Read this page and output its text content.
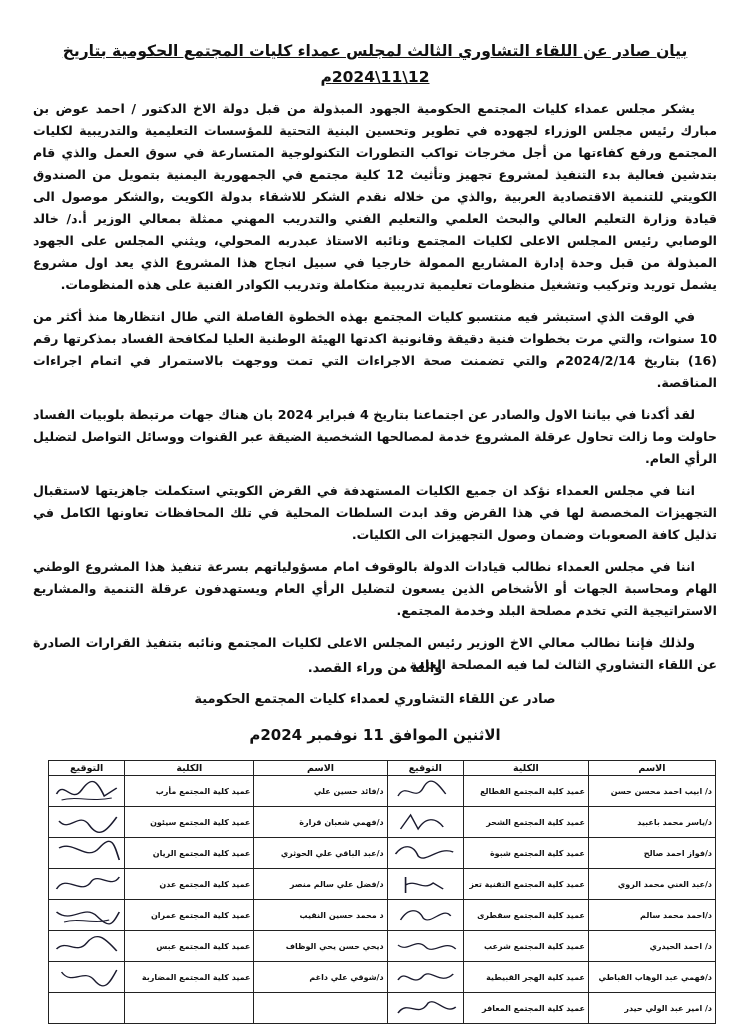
بيان صادر عن اللقاء التشاوري الثالث لمجلس عمداء كليات المجتمع الحكومية بتاريخ 12\11\2024م

يشكر مجلس عمداء كليات المجتمع الحكومية الجهود المبذولة من قبل دولة الاخ الدكتور / احمد عوض بن مبارك رئيس مجلس الوزراء لجهوده في تطوير وتحسين البنية التحتية للمؤسسات التعليمية والتدريبية لكليات المجتمع ورفع كفاءتها من أجل مخرجات تواكب التطورات التكنولوجية المتسارعة في سوق العمل والذي قام بتدشين فعالية بدء التنفيذ لمشروع تجهيز وتأثيث 12 كلية مجتمع في الجمهورية اليمنية بتمويل من الصندوق الكويتي للتنمية الاقتصادية العربية ,والذي من خلاله نقدم الشكر للاشقاء بدولة الكويت ,والشكر موصول الى قيادة وزارة التعليم العالي والبحث العلمي والتعليم الفني والتدريب المهني ممثلة بمعالي الوزير أ.د/ خالد الوصابي رئيس المجلس الاعلى لكليات المجتمع ونائبه الاستاذ عبدربه المحولي، ويثني المجلس على الجهود المبذولة من قبل وحدة إدارة المشاريع الممولة خارجيا في سبيل انجاح هذا المشروع الذي يعد اول مشروع يشمل توريد وتركيب وتشغيل منظومات تعليمية تدريبية متكاملة وتدريب الكوادر الفنية على هذه المنظومات.

في الوقت الذي استبشر فيه منتسبو كليات المجتمع بهذه الخطوة الفاصلة التي طال انتظارها منذ أكثر من 10 سنوات، والتي مرت بخطوات فنية دقيقة وقانونية اكدتها الهيئة الوطنية العليا لمكافحة الفساد بمذكرتها رقم (16) بتاريخ 2024/2/14م والتي تضمنت صحة الاجراءات التي تمت ووجهت بالاستمرار في اتمام اجراءات المناقصة.

لقد أكدنا في بياننا الاول والصادر عن اجتماعنا بتاريخ 4 فبراير 2024 بان هناك جهات مرتبطة بلوبيات الفساد حاولت وما زالت تحاول عرقلة المشروع خدمة لمصالحها الشخصية الضيقة عبر القنوات ووسائل التواصل لتضليل الرأي العام.

اننا في مجلس العمداء نؤكد ان جميع الكليات المستهدفة في القرض الكويتي استكملت جاهزيتها لاستقبال التجهيزات المخصصة لها في هذا القرض وقد ابدت السلطات المحلية في تلك المحافظات تعاونها الكامل في تذليل كافة الصعوبات وضمان وصول التجهيزات الى الكليات.

اننا في مجلس العمداء نطالب قيادات الدولة بالوقوف امام مسؤولياتهم بسرعة تنفيذ هذا المشروع الوطني الهام ومحاسبة الجهات أو الأشخاص الذين يسعون لتضليل الرأي العام ويستهدفون عرقلة التنمية والمشاريع الاستراتيجية التي تخدم مصلحة البلد وخدمة المجتمع.

ولذلك فإننا نطالب معالي الاخ الوزير رئيس المجلس الاعلى لكليات المجتمع ونائبه بتنفيذ القرارات الصادرة عن اللقاء التشاوري الثالث لما فيه المصلحة العامة .

والله من وراء القصد.
صادر عن اللقاء التشاوري لعمداء كليات المجتمع الحكومية
الاثنين الموافق 11 نوفمبر 2024م
الاسم	الكلية	التوقيع	الاسم	الكلية	التوقيع
د/ ابيب احمد محسن حسن	عميد كلية المجتمع القطالع		د/فائد حسين علي	عميد كلية المجتمع مأرب	

د/ياسر محمد باعبيد	عميد كلية المجتمع الشحر		د/فهمي شعبان قرارة	عميد كلية المجتمع سيئون	

د/فواز احمد صالح	عميد كلية المجتمع شبوة		د/عبد الباقي علي الحوثري	عميد كلية المجتمع الريان	

د/عبد الغني محمد الروي	عميد كلية المجتمع التقنية تعز		د/فضل علي سالم منصر	عميد كلية المجتمع عدن	

د/احمد محمد سالم	عميد كلية المجتمع سقطرى		د محمد حسين النقيب	عميد كلية المجتمع عمران	

د/ احمد الحيدري	عميد كلية المجتمع شرعب		ديحي حسن يحي الوظاف	عميد كلية المجتمع عبس	

د/فهمي عبد الوهاب القباطي	عميد كلية الهجر القبيطية		د/شوقي علي داغم	عميد كلية المجتمع المضاربة	

د/ امير عبد الولي حيدر	عميد كلية المجتمع المعافر	
